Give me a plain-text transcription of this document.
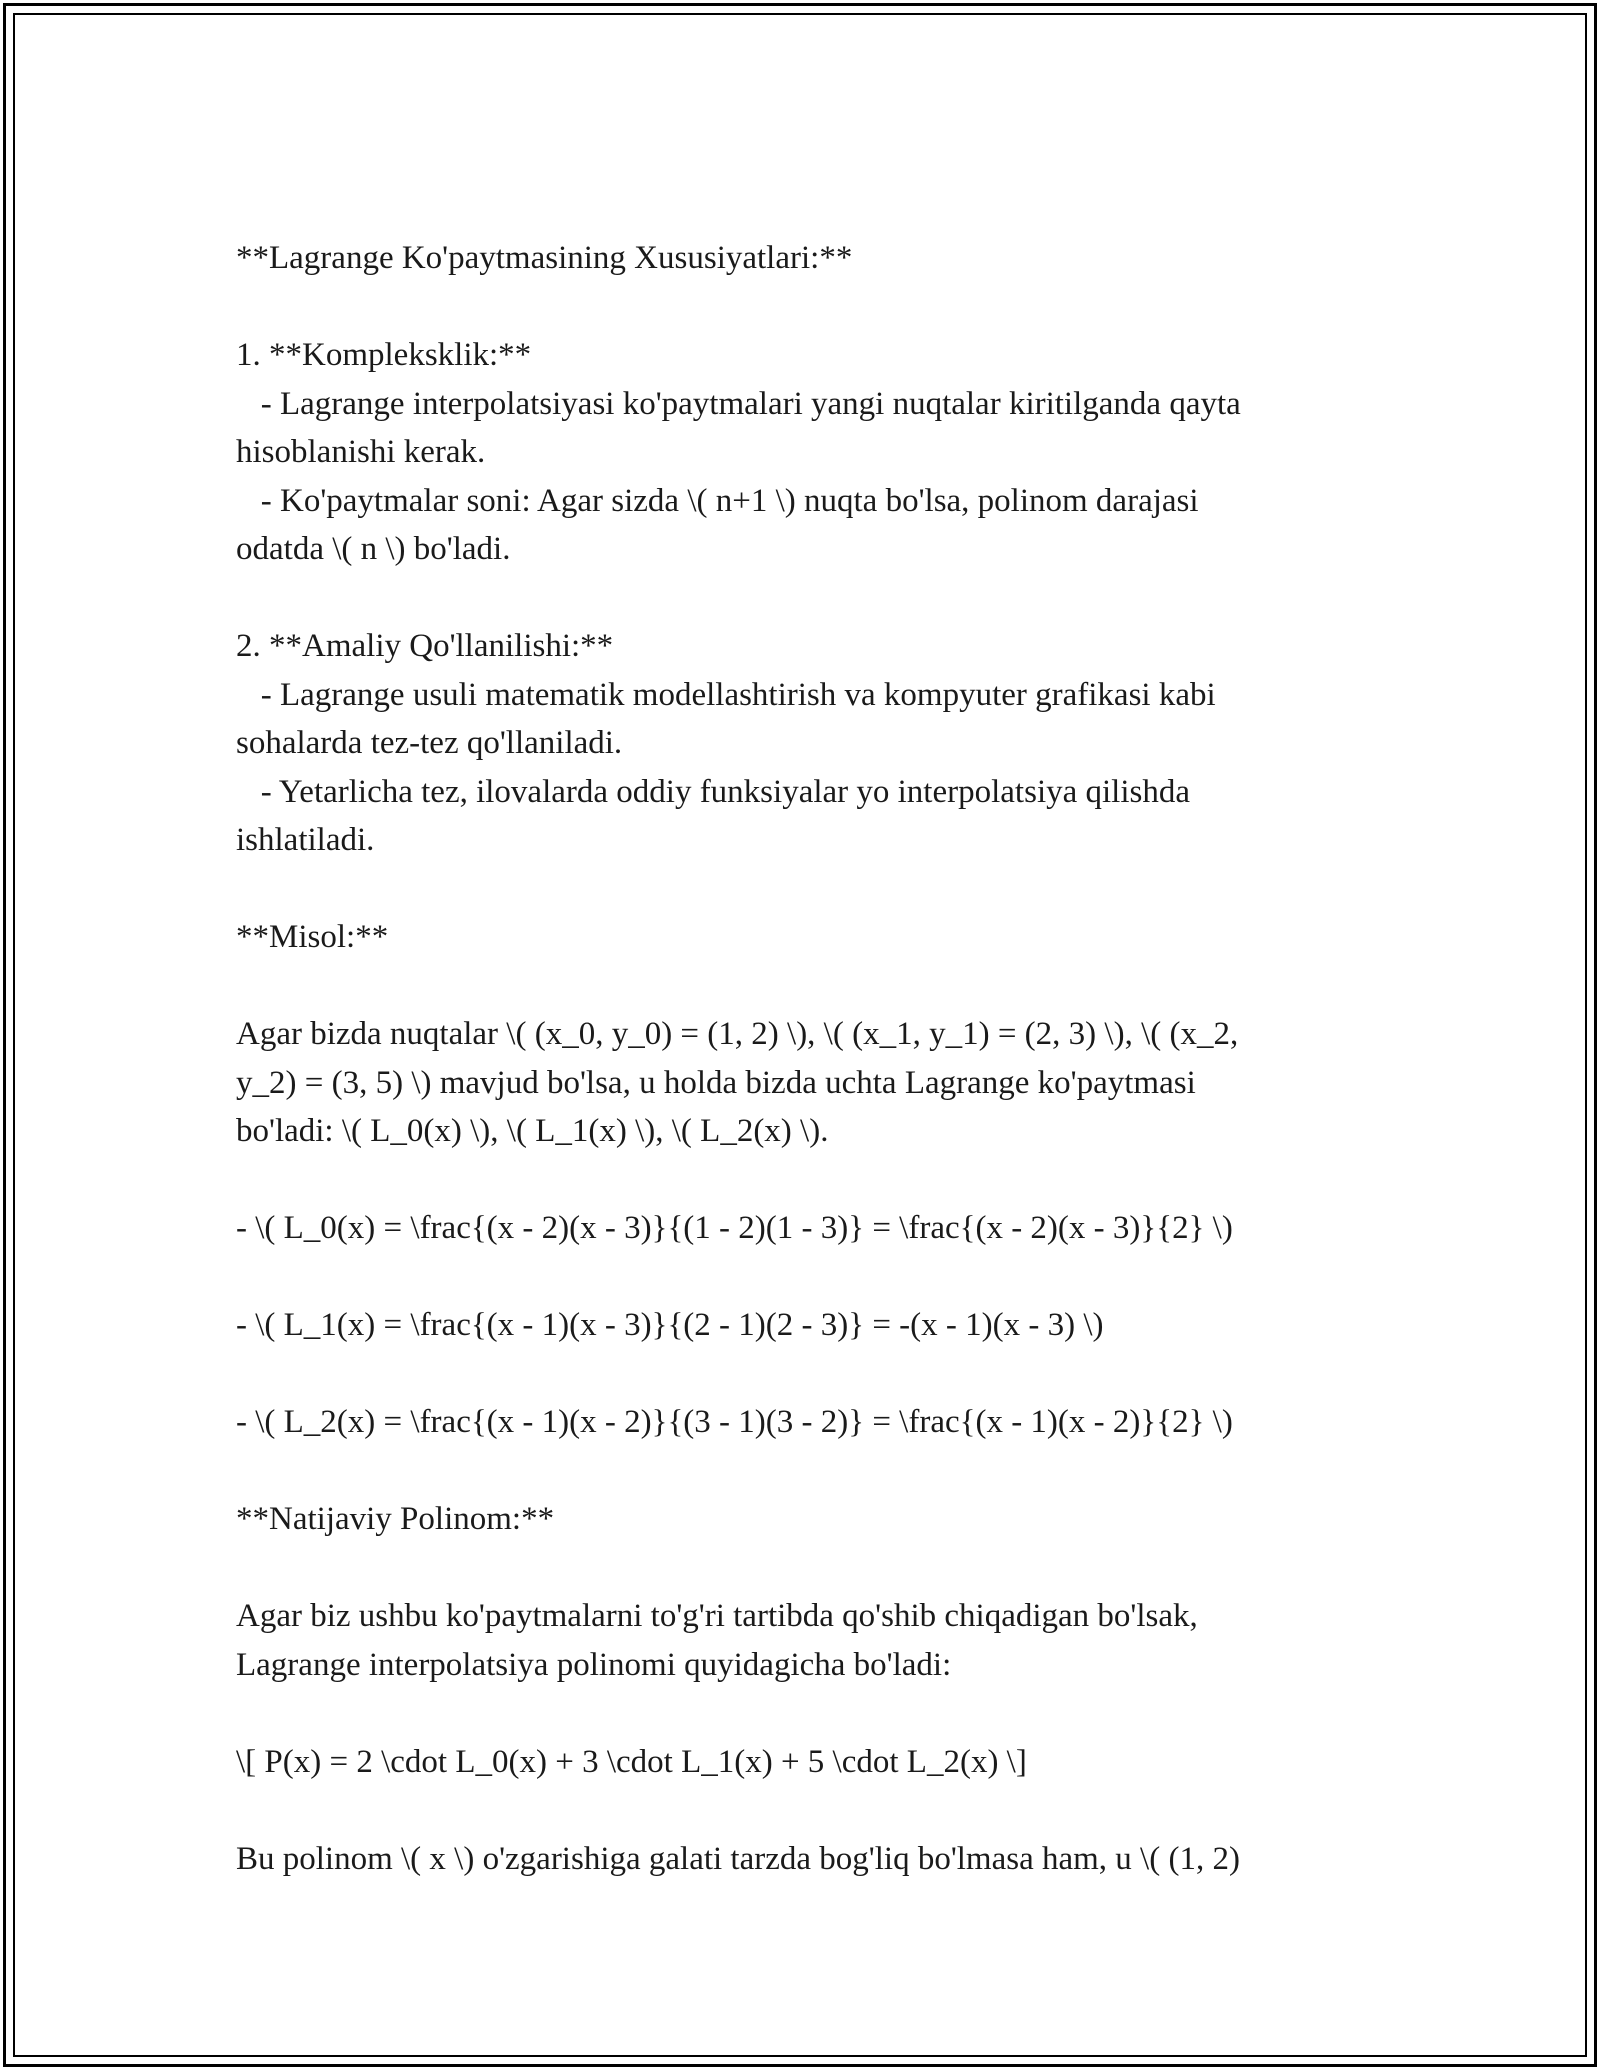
**Lagrange Ko'paytmasining Xususiyatlari:**
1. **Kompleksklik:**
- Lagrange interpolatsiyasi ko'paytmalari yangi nuqtalar kiritilganda qayta
hisoblanishi kerak.
- Ko'paytmalar soni: Agar sizda \( n+1 \) nuqta bo'lsa, polinom darajasi
odatda \( n \) bo'ladi.
2. **Amaliy Qo'llanilishi:**
- Lagrange usuli matematik modellashtirish va kompyuter grafikasi kabi
sohalarda tez-tez qo'llaniladi.
- Yetarlicha tez, ilovalarda oddiy funksiyalar yo interpolatsiya qilishda
ishlatiladi.
**Misol:**
Agar bizda nuqtalar \( (x_0, y_0) = (1, 2) \), \( (x_1, y_1) = (2, 3) \), \( (x_2,
y_2) = (3, 5) \) mavjud bo'lsa, u holda bizda uchta Lagrange ko'paytmasi
bo'ladi: \( L_0(x) \), \( L_1(x) \), \( L_2(x) \).
- \( L_0(x) = \frac{(x - 2)(x - 3)}{(1 - 2)(1 - 3)} = \frac{(x - 2)(x - 3)}{2} \)
- \( L_1(x) = \frac{(x - 1)(x - 3)}{(2 - 1)(2 - 3)} = -(x - 1)(x - 3) \)
- \( L_2(x) = \frac{(x - 1)(x - 2)}{(3 - 1)(3 - 2)} = \frac{(x - 1)(x - 2)}{2} \)
**Natijaviy Polinom:**
Agar biz ushbu ko'paytmalarni to'g'ri tartibda qo'shib chiqadigan bo'lsak,
Lagrange interpolatsiya polinomi quyidagicha bo'ladi:
\[ P(x) = 2 \cdot L_0(x) + 3 \cdot L_1(x) + 5 \cdot L_2(x) \]
Bu polinom \( x \) o'zgarishiga galati tarzda bog'liq bo'lmasa ham, u \( (1, 2)
